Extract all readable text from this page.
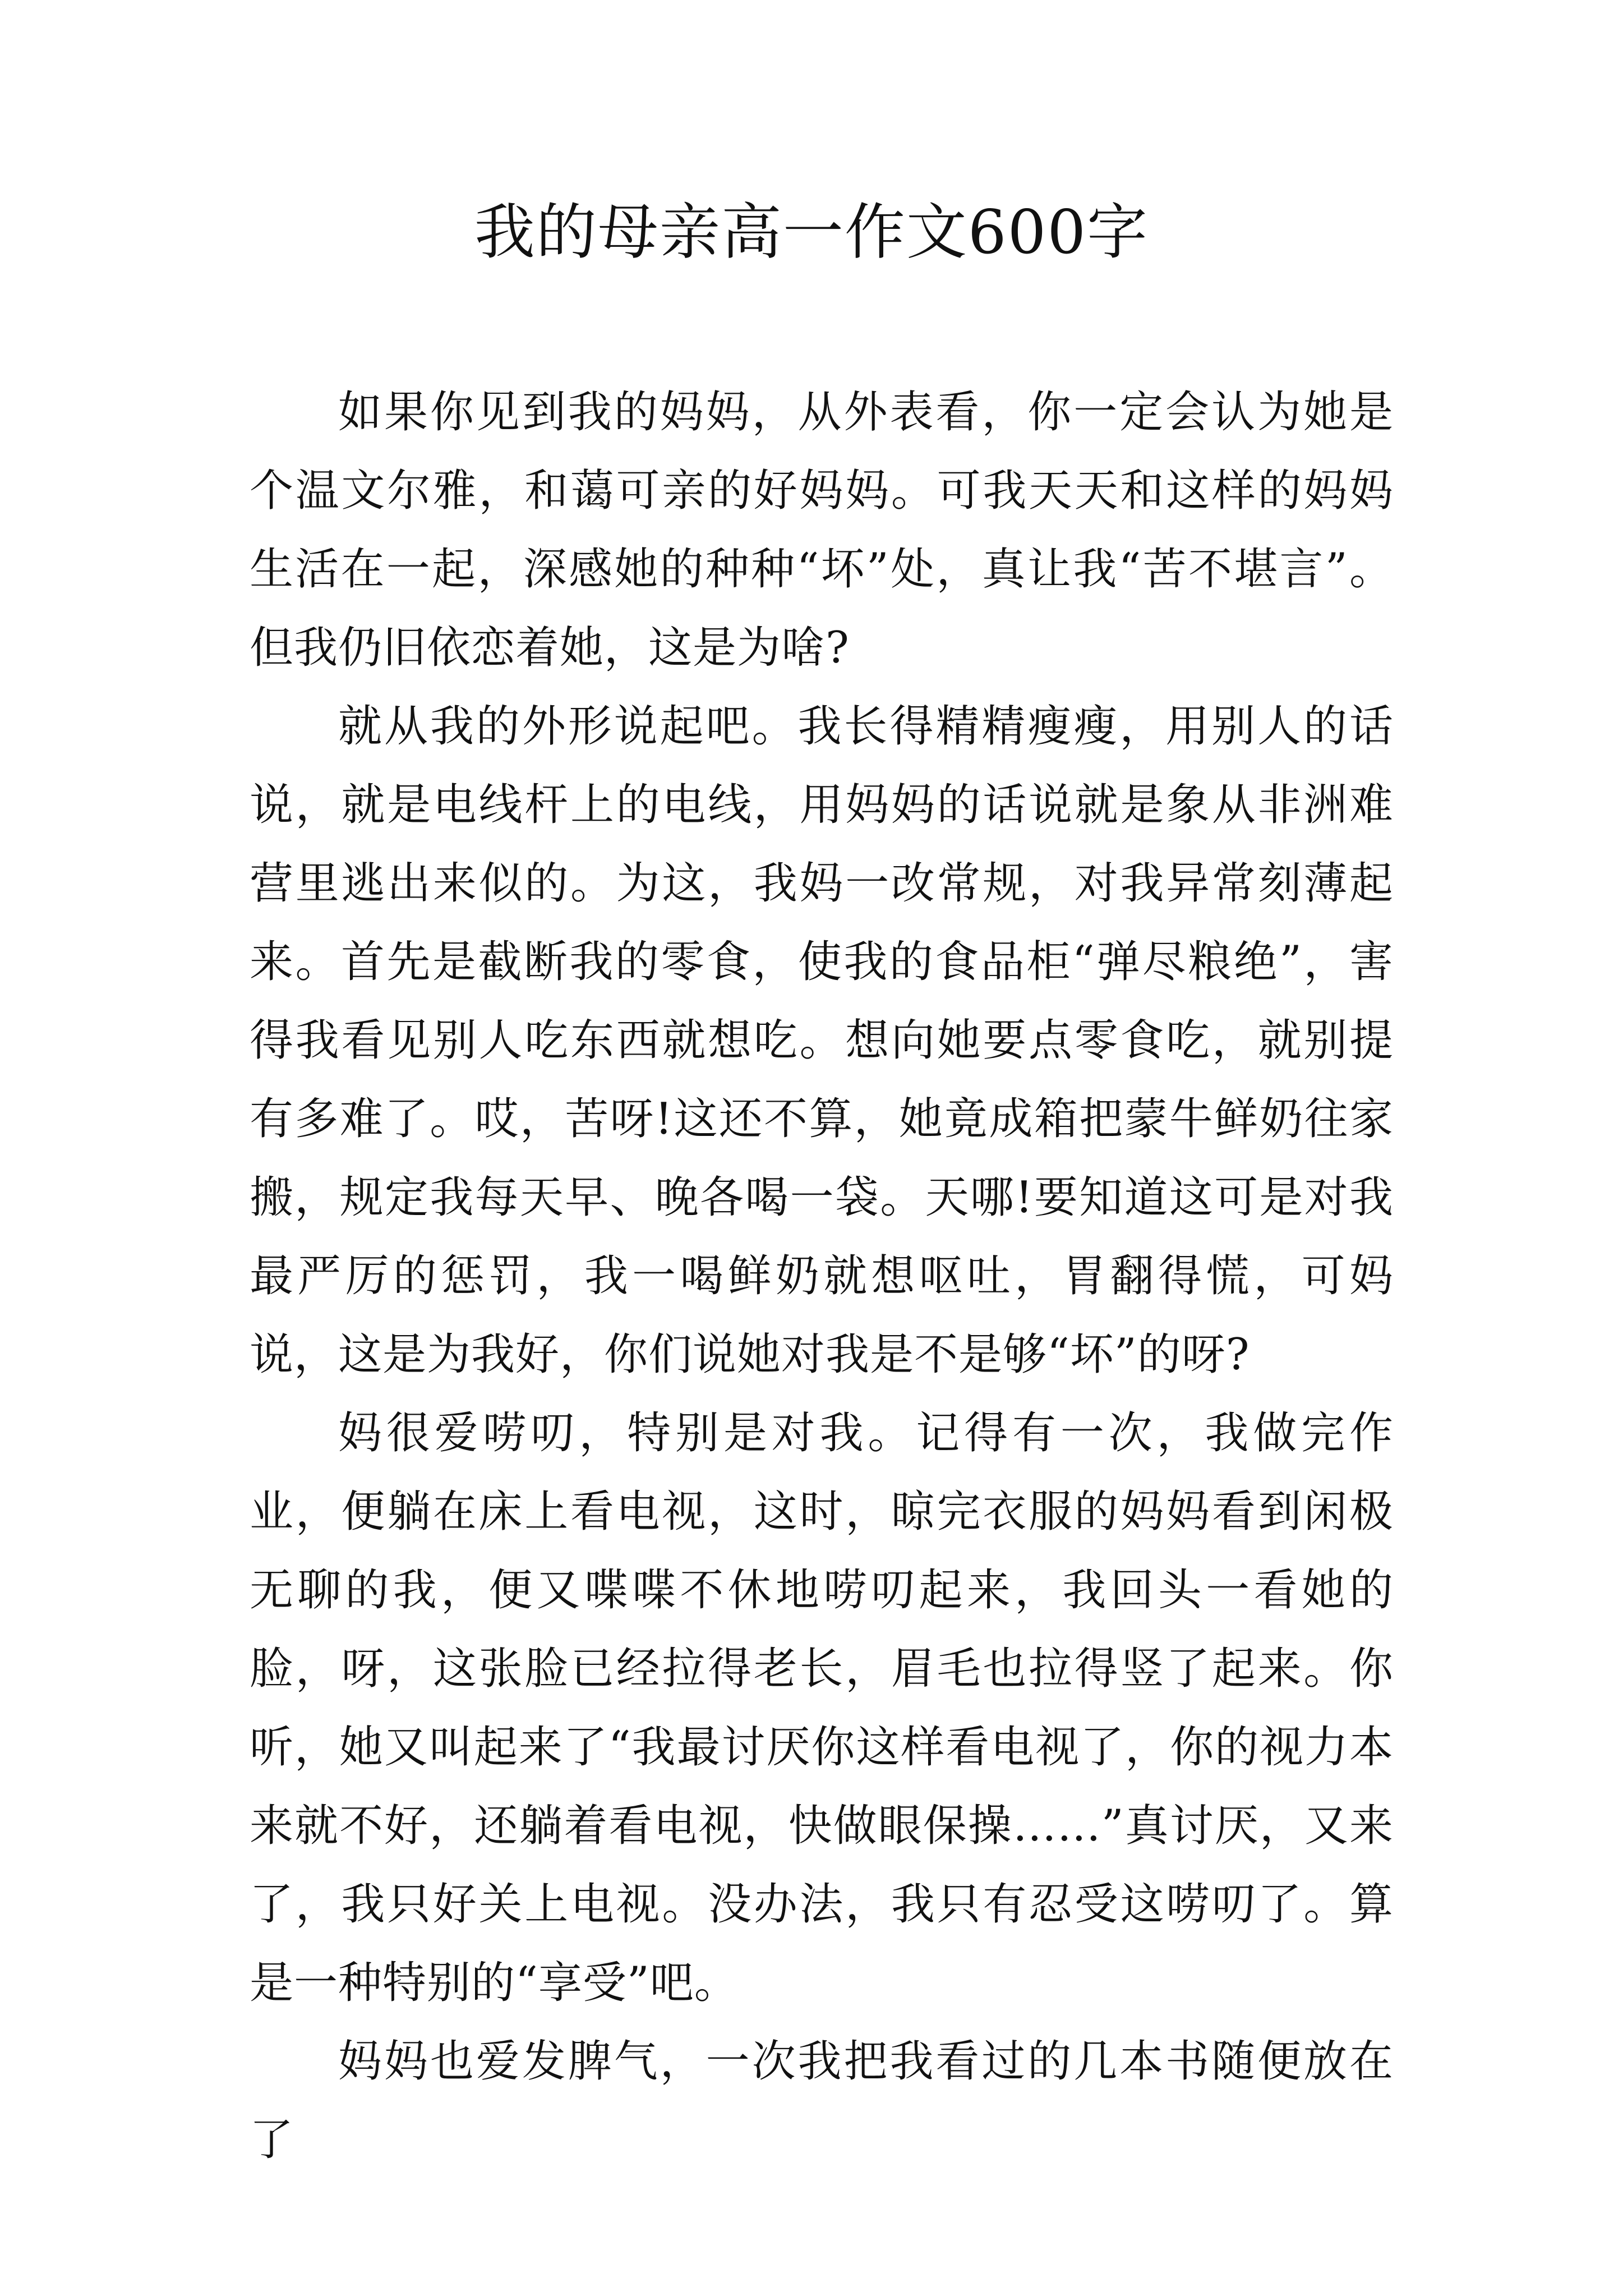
我的母亲高一作文600字

如果你见到我的妈妈，从外表看，你一定会认为她是个温文尔雅，和蔼可亲的好妈妈。可我天天和这样的妈妈生活在一起，深感她的种种“坏”处，真让我“苦不堪言”。但我仍旧依恋着她，这是为啥?

就从我的外形说起吧。我长得精精瘦瘦，用别人的话说，就是电线杆上的电线，用妈妈的话说就是象从非洲难营里逃出来似的。为这，我妈一改常规，对我异常刻薄起来。首先是截断我的零食，使我的食品柜“弹尽粮绝”，害得我看见别人吃东西就想吃。想向她要点零食吃，就别提有多难了。哎，苦呀!这还不算，她竟成箱把蒙牛鲜奶往家搬，规定我每天早、晚各喝一袋。天哪!要知道这可是对我最严厉的惩罚，我一喝鲜奶就想呕吐，胃翻得慌，可妈说，这是为我好，你们说她对我是不是够“坏”的呀?

妈很爱唠叨，特别是对我。记得有一次，我做完作业，便躺在床上看电视，这时，晾完衣服的妈妈看到闲极无聊的我，便又喋喋不休地唠叨起来，我回头一看她的脸，呀，这张脸已经拉得老长，眉毛也拉得竖了起来。你听，她又叫起来了“我最讨厌你这样看电视了，你的视力本来就不好，还躺着看电视，快做眼保操……”真讨厌，又来了，我只好关上电视。没办法，我只有忍受这唠叨了。算是一种特别的“享受”吧。

妈妈也爱发脾气，一次我把我看过的几本书随便放在了
